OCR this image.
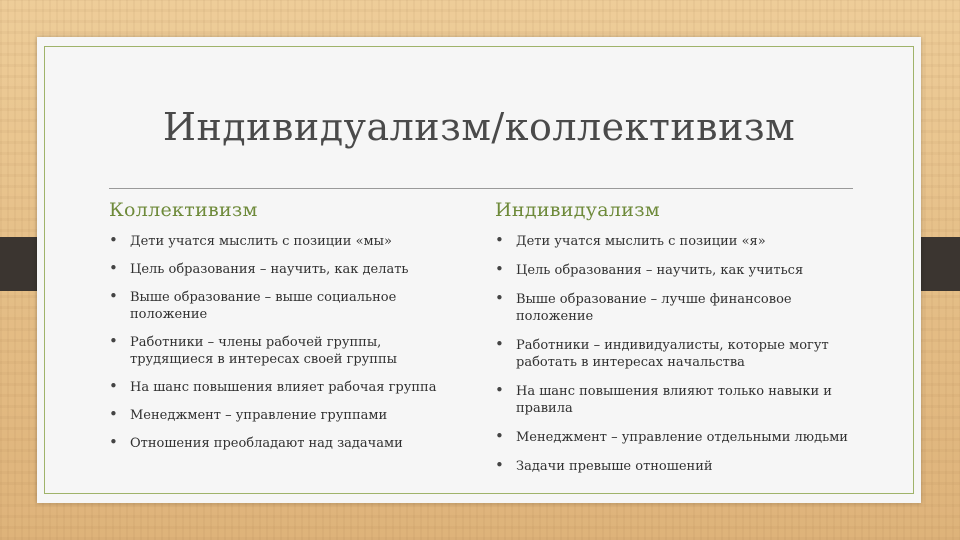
Индивидуализм/коллективизм
Коллективизм
• Дети учатся мыслить с позиции «мы»
• Цель образования – научить, как делать
• Выше образование – выше социальное положение
• Работники – члены рабочей группы, трудящиеся в интересах своей группы
• На шанс повышения влияет рабочая группа
• Менеджмент – управление группами
• Отношения преобладают над задачами
Индивидуализм
• Дети учатся мыслить с позиции «я»
• Цель образования – научить, как учиться
• Выше образование – лучше финансовое положение
• Работники – индивидуалисты, которые могут работать в интересах начальства
• На шанс повышения влияют только навыки и правила
• Менеджмент – управление отдельными людьми
• Задачи превыше отношений
